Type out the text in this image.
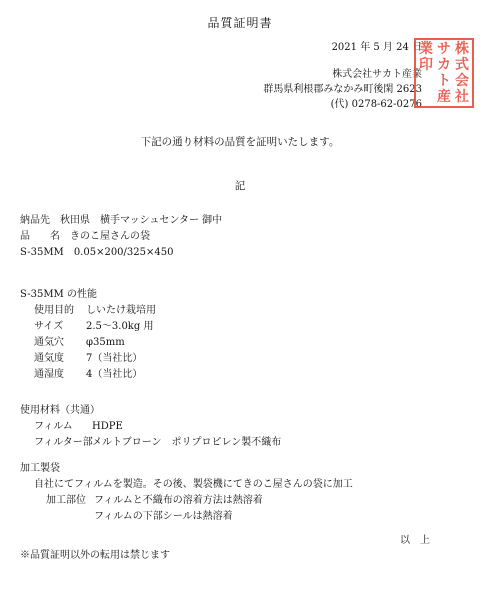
品質証明書
2021 年 5 月 24 日
株式会社サカト産業
群馬県利根郡みなかみ町後閑 2623
(代) 0278-62-0276
業 サ 株
印 カ 式
ト 会
産 社
下記の通り材料の品質を証明いたします。
記
納品先　 秋田県　横手マッシュセンター 御中
品　　名　 きのこ屋さんの袋
S-35MM　 0.05×200/325×450
S-35MM の性能
使用目的 しいたけ栽培用
サイズ 2.5～3.0kg 用
通気穴 φ35mm
通気度 7（当社比）
通湿度 4（当社比）
使用材料（共通）
フィルム HDPE
フィルター部メルトブローン　ポリプロピレン製不織布
加工製袋
自社にてフィルムを製造。その後、製袋機にてきのこ屋さんの袋に加工
加工部位 フィルムと不織布の溶着方法は熱溶着
フィルムの下部シールは熱溶着
以　上
※品質証明以外の転用は禁じます
